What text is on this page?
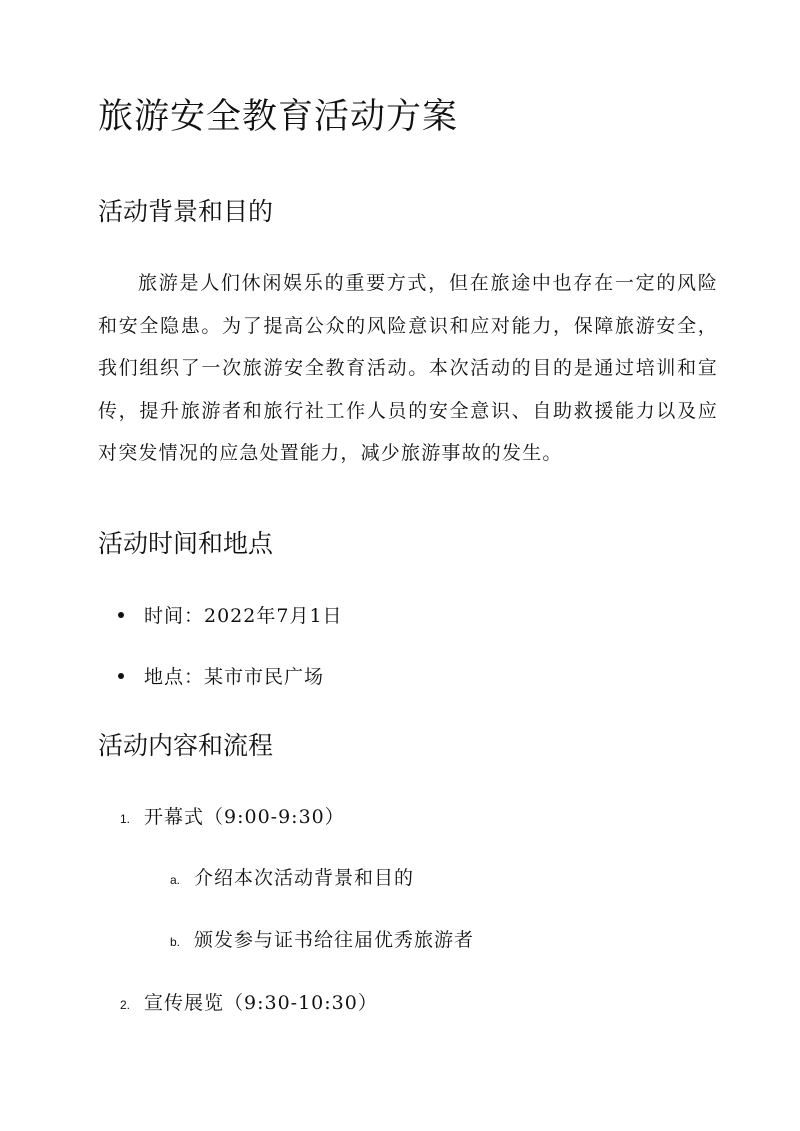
旅游安全教育活动方案
活动背景和目的

旅游是人们休闲娱乐的重要方式，但在旅途中也存在一定的风险和安全隐患。为了提高公众的风险意识和应对能力，保障旅游安全，我们组织了一次旅游安全教育活动。本次活动的目的是通过培训和宣传，提升旅游者和旅行社工作人员的安全意识、自助救援能力以及应对突发情况的应急处置能力，减少旅游事故的发生。

活动时间和地点
时间：2022年7月1日
地点：某市市民广场
活动内容和流程
1. 开幕式（9:00-9:30）
a. 介绍本次活动背景和目的
b. 颁发参与证书给往届优秀旅游者
2. 宣传展览（9:30-10:30）
